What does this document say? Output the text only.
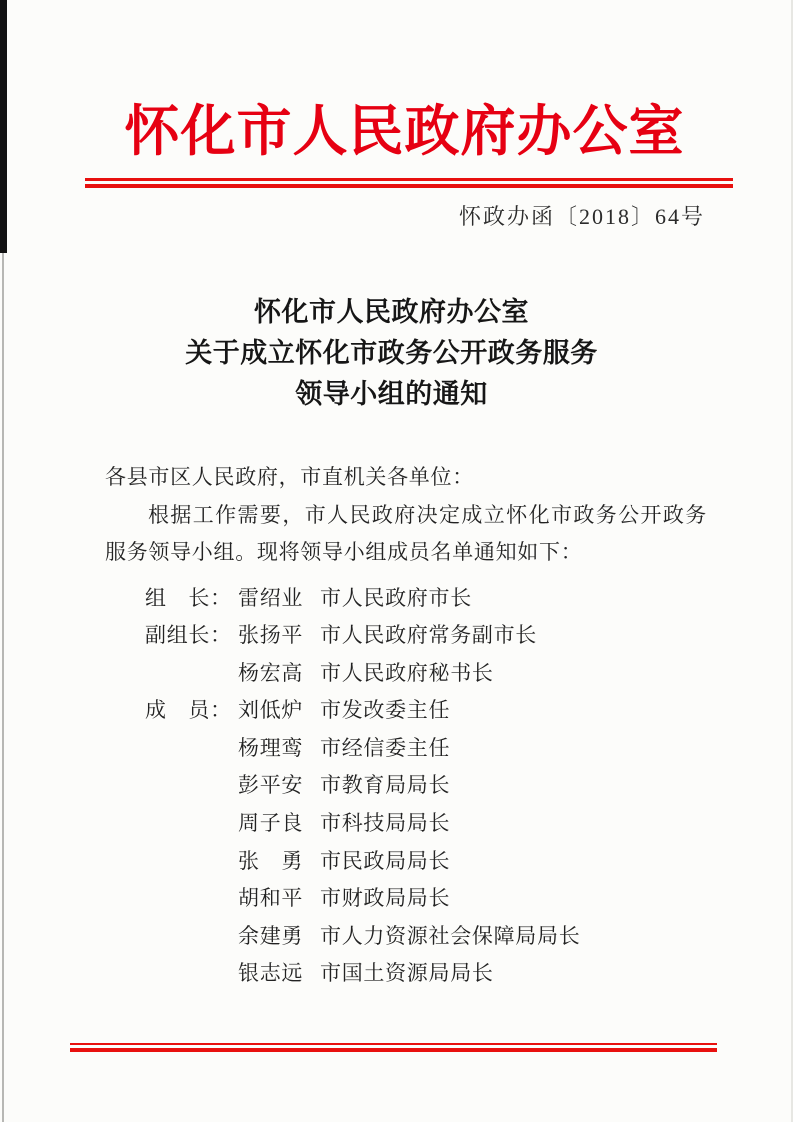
怀化市人民政府办公室
怀政办函〔2018〕64号
怀化市人民政府办公室
关于成立怀化市政务公开政务服务
领导小组的通知
各县市区人民政府，市直机关各单位：
根据工作需要，市人民政府决定成立怀化市政务公开政务服务领导小组。现将领导小组成员名单通知如下：
组　长： 雷绍业 市人民政府市长
副组长： 张扬平 市人民政府常务副市长
杨宏高 市人民政府秘书长
成　员： 刘低炉 市发改委主任
杨理鸾 市经信委主任
彭平安 市教育局局长
周子良 市科技局局长
张　勇 市民政局局长
胡和平 市财政局局长
余建勇 市人力资源社会保障局局长
银志远 市国土资源局局长
